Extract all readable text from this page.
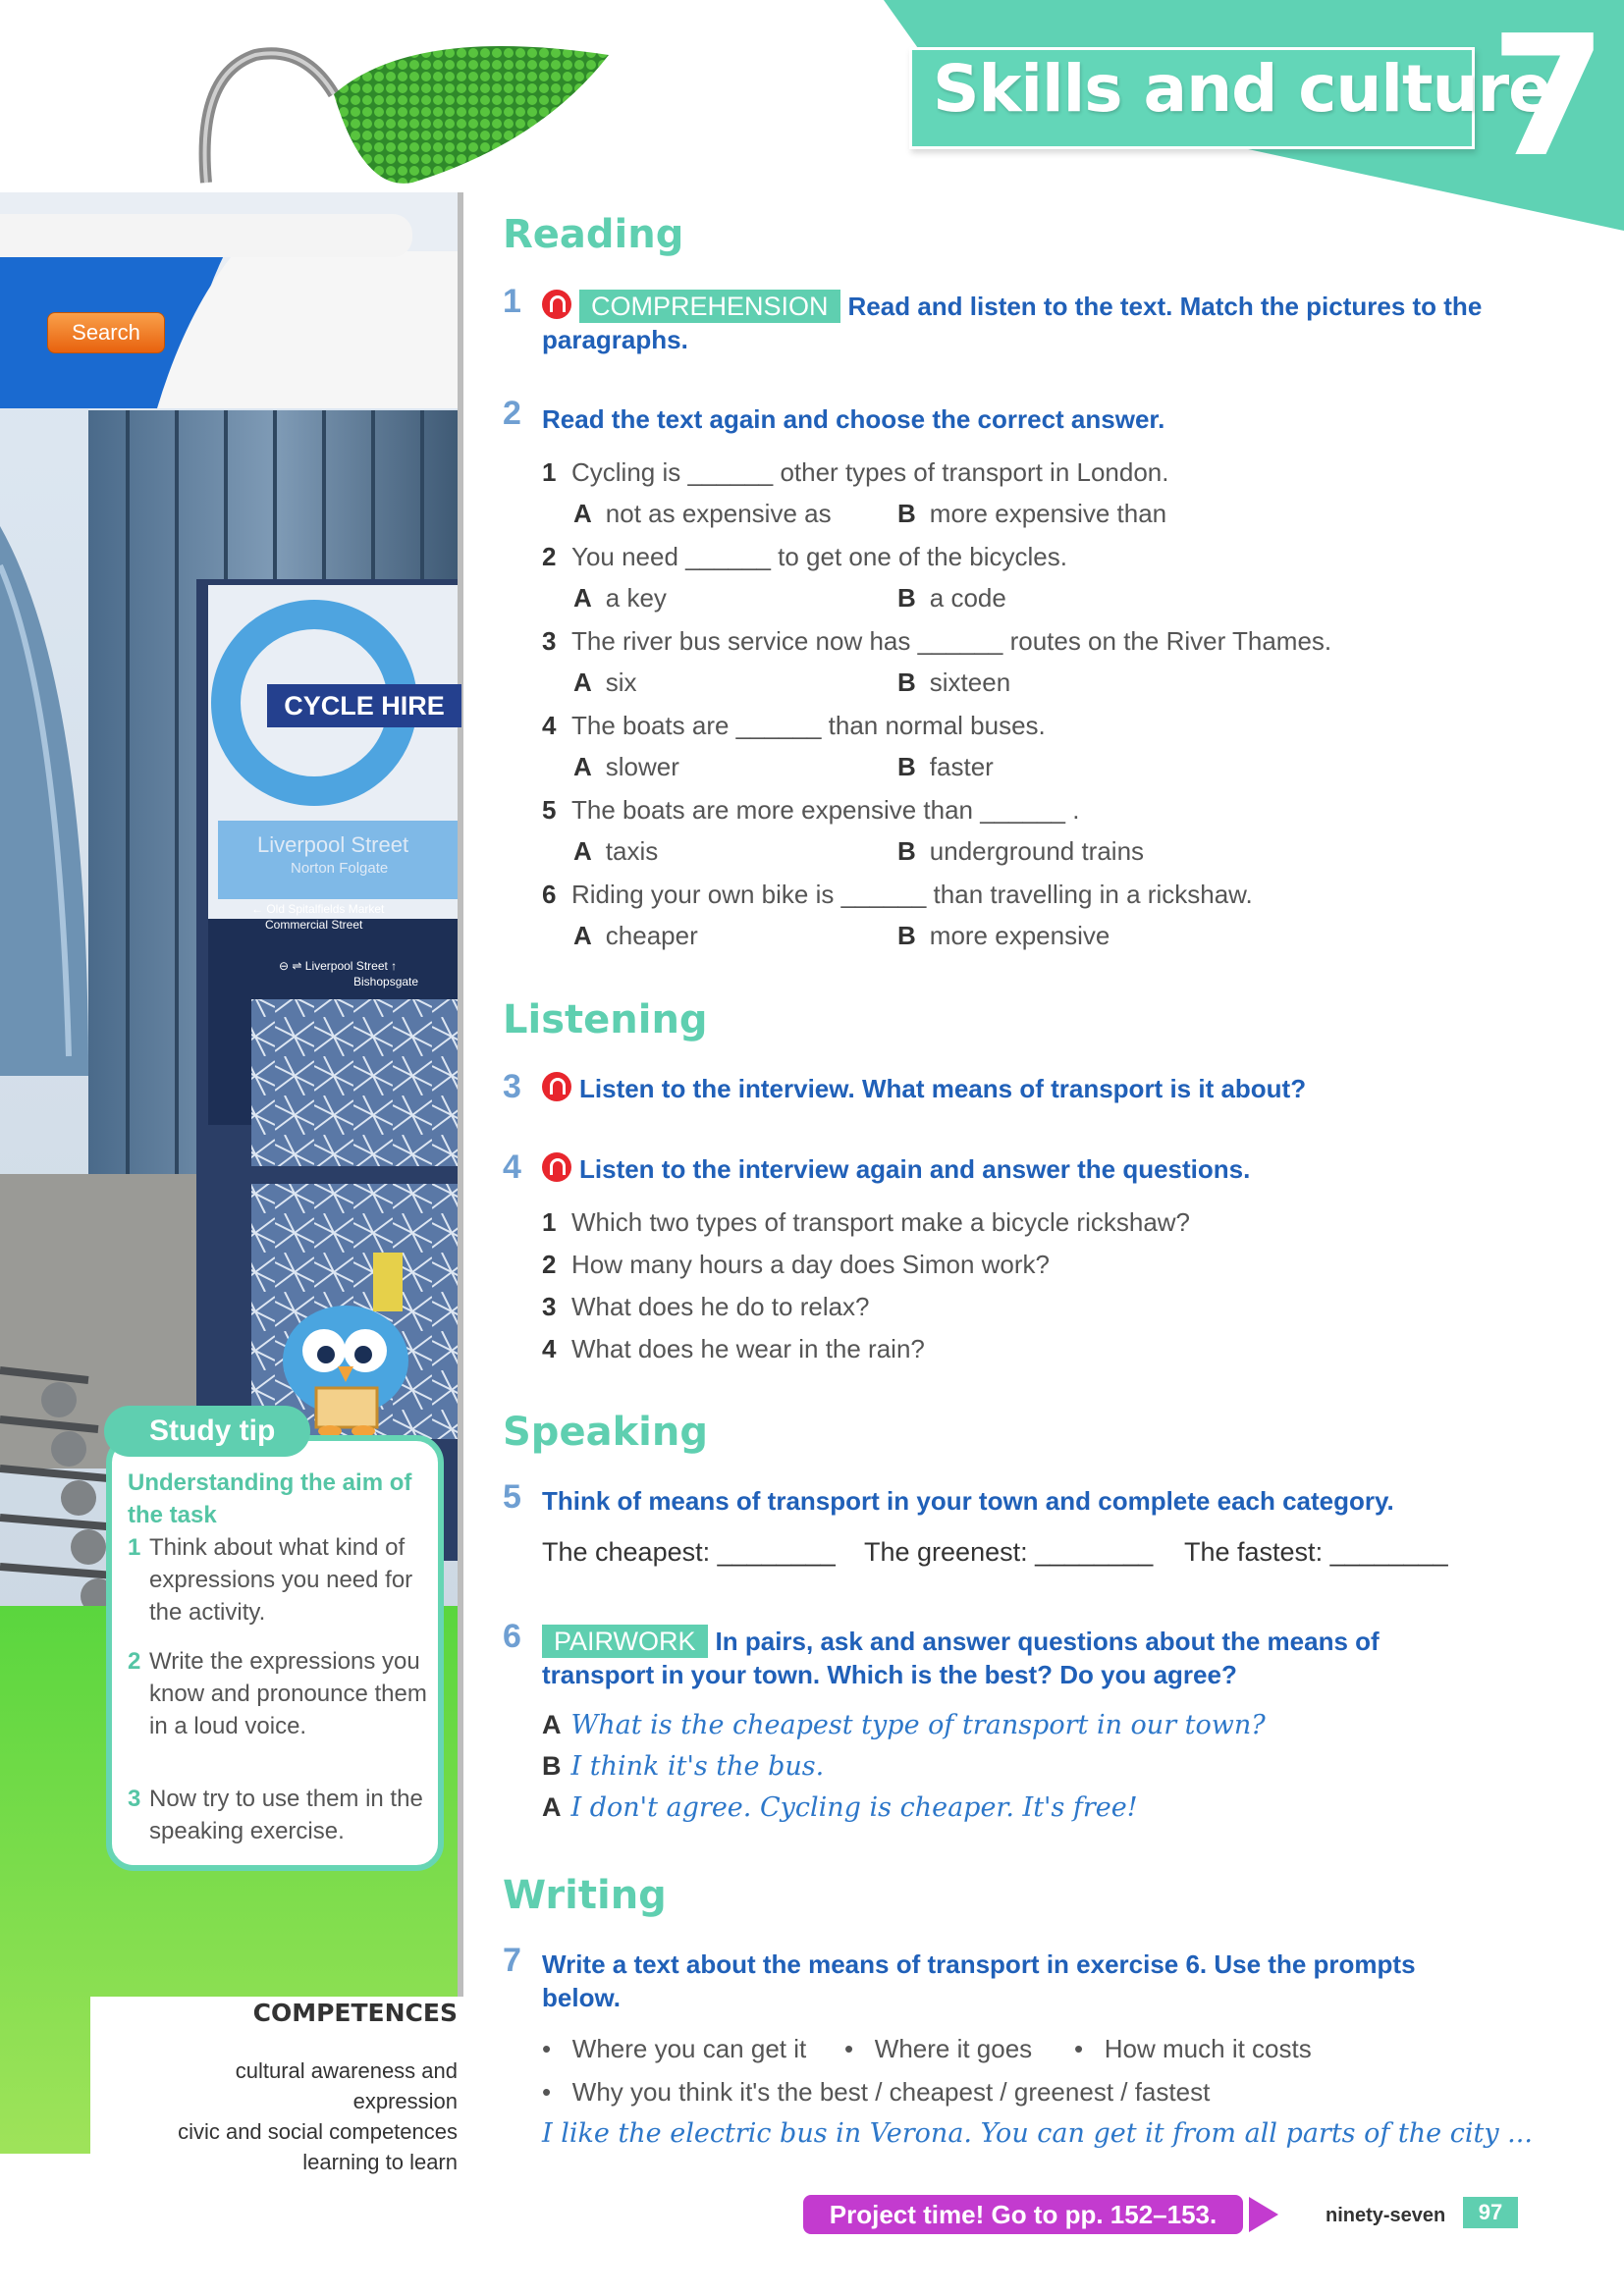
Skills and culture
7
Search
CYCLE HIRE
Liverpool Street
Norton Folgate
← Old Spitalfields Market
Commercial Street
⊖ ⇌ Liverpool Street ↑
Bishopsgate
Study tip
Understanding the aim of the task
1 Think about what kind of expressions you need for the activity.
2 Write the expressions you know and pronounce them in a loud voice.
3 Now try to use them in the speaking exercise.
COMPETENCES
cultural awareness and expression
civic and social competences
learning to learn
Reading
1	COMPREHENSION Read and listen to the text. Match the pictures to the paragraphs.
2 Read the text again and choose the correct answer.
1 Cycling is ______ other types of transport in London.
A not as expensive as	B more expensive than
2 You need ______ to get one of the bicycles.
A a key	B a code
3 The river bus service now has ______ routes on the River Thames.
A six	B sixteen
4 The boats are ______ than normal buses.
A slower	B faster
5 The boats are more expensive than ______ .
A taxis	B underground trains
6 Riding your own bike is ______ than travelling in a rickshaw.
A cheaper	B more expensive
Listening
3	Listen to the interview. What means of transport is it about?
4	Listen to the interview again and answer the questions.
1 Which two types of transport make a bicycle rickshaw?
2 How many hours a day does Simon work?
3 What does he do to relax?
4 What does he wear in the rain?
Speaking
5 Think of means of transport in your town and complete each category.
The cheapest: ________ The greenest: ________ The fastest: ________
6	PAIRWORK In pairs, ask and answer questions about the means of transport in your town. Which is the best? Do you agree?
A What is the cheapest type of transport in our town?
B I think it's the bus.
A I don't agree. Cycling is cheaper. It's free!
Writing
7 Write a text about the means of transport in exercise 6. Use the prompts below.
•   Where you can get it •   Where it goes •   How much it costs
•   Why you think it's the best / cheapest / greenest / fastest
I like the electric bus in Verona. You can get it from all parts of the city ...
Project time! Go to pp. 152–153.	ninety-seven	97
